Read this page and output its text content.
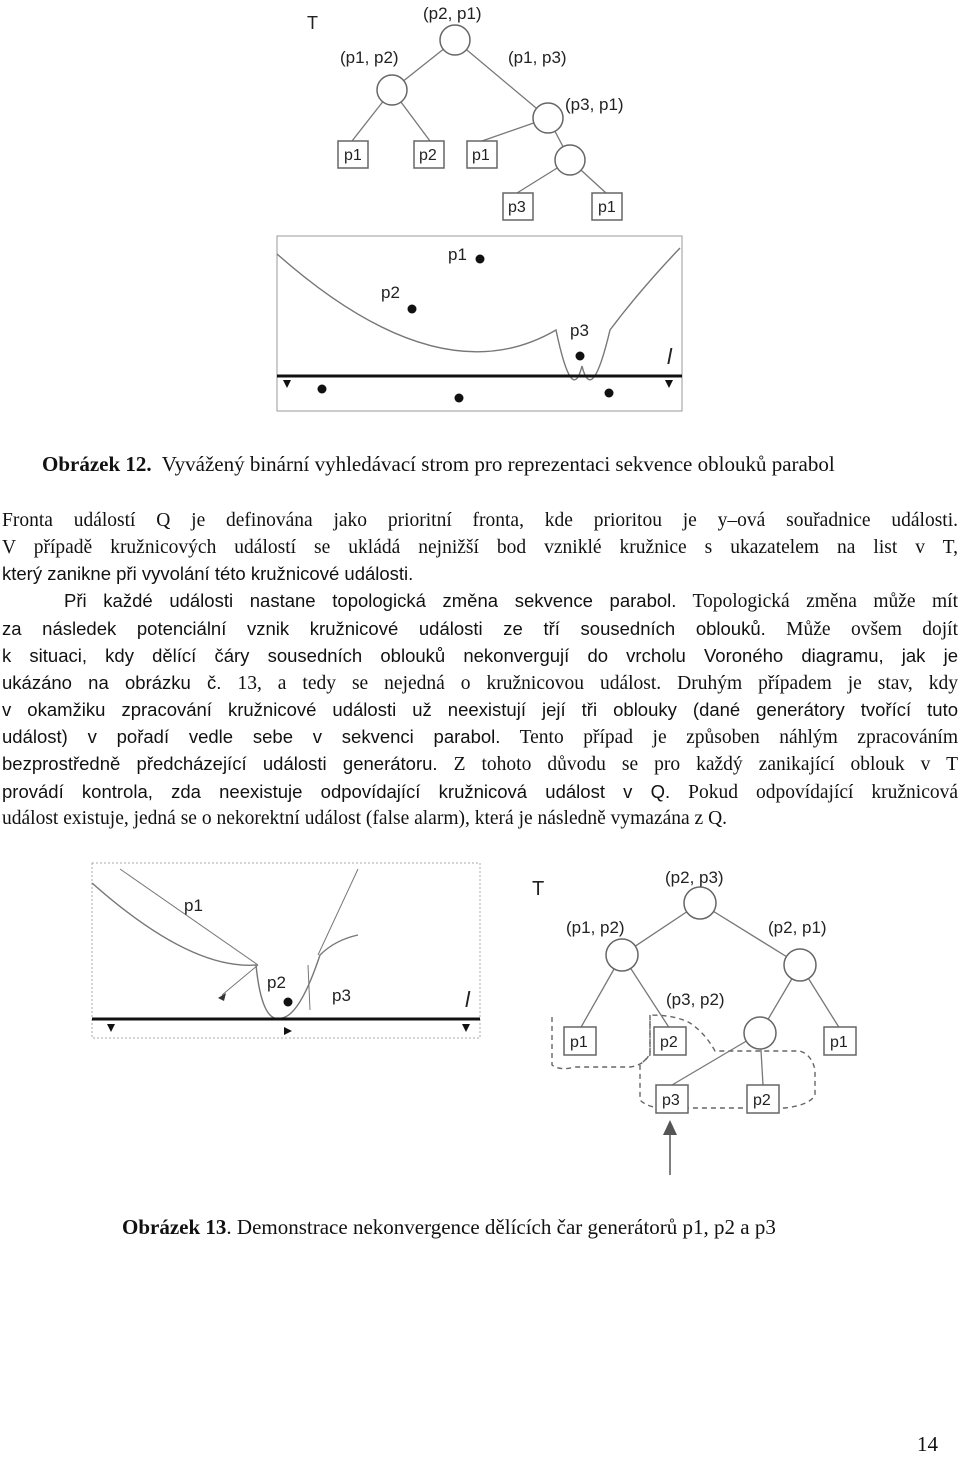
T	(p2, p1)
(p1, p2)	(p1, p3)
(p3, p1)
p1	p2 p1
p3	p1
p1
p2
p3
l
Obrázek 12. Vyvážený binární vyhledávací strom pro reprezentaci sekvence oblouků parabol
Fronta událostí Q je definována jako prioritní fronta, kde prioritou je y–ová souřadnice události.
V případě kružnicových událostí se ukládá nejnižší bod vzniklé kružnice s ukazatelem na list v T,
který zanikne při vyvolání této kružnicové události.
Při každé události nastane topologická změna sekvence parabol. Topologická změna může mít
za následek potenciální vznik kružnicové události ze tří sousedních oblouků. Může ovšem dojít
k situaci, kdy dělící čáry sousedních oblouků nekonvergují do vrcholu Voroného diagramu, jak je
ukázáno na obrázku č. 13, a tedy se nejedná o kružnicovou událost. Druhým případem je stav, kdy
v okamžiku zpracování kružnicové události už neexistují její tři oblouky (dané generátory tvořící tuto
událost) v pořadí vedle sebe v sekvenci parabol. Tento případ je způsoben náhlým zpracováním
bezprostředně předcházející události generátoru. Z tohoto důvodu se pro každý zanikající oblouk v T
provádí kontrola, zda neexistuje odpovídající kružnicová událost v Q. Pokud odpovídající kružnicová
událost existuje, jedná se o nekorektní událost (false alarm), která je následně vymazána z Q.
p1
p2
p3	l
T
(p2, p3)
(p1, p2)	(p2, p1)
(p3, p2)
p1	p2	p1
p3	p2
Obrázek 13. Demonstrace nekonvergence dělících čar generátorů p1, p2 a p3
14
